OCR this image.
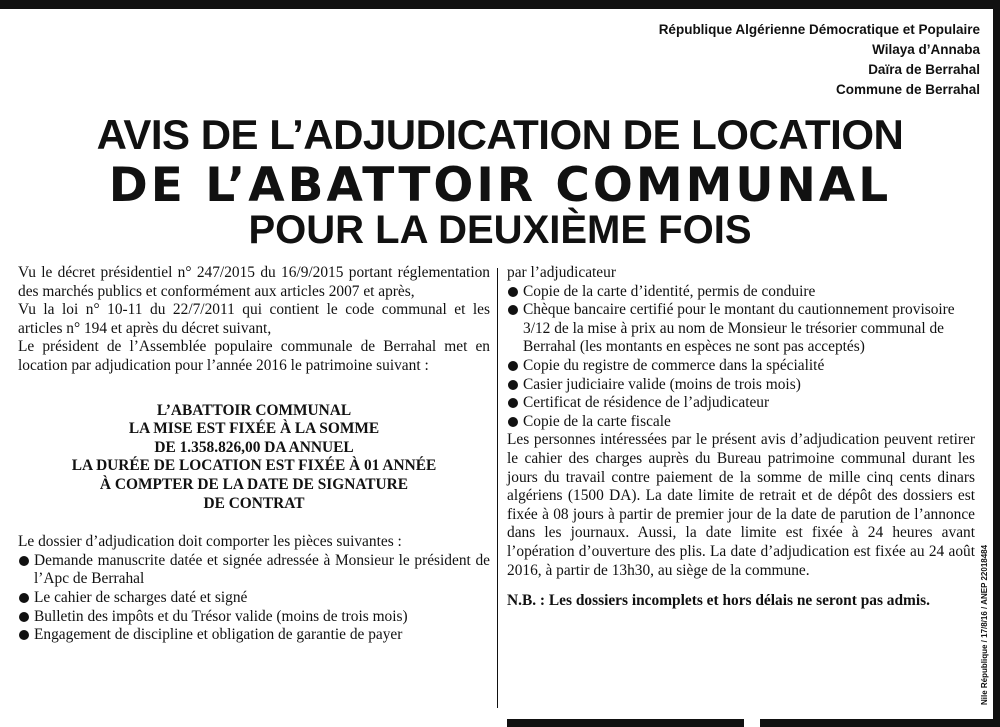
République Algérienne Démocratique et Populaire
Wilaya d’Annaba
Daïra de Berrahal
Commune de Berrahal
AVIS DE L’ADJUDICATION DE LOCATION
DE L’ABATTOIR COMMUNAL
POUR LA DEUXIÈME FOIS
Vu le décret présidentiel n° 247/2015 du 16/9/2015 portant réglementation des marchés publics et conformément aux articles 2007 et après,
Vu la loi n° 10-11 du 22/7/2011 qui contient le code communal et les articles n° 194 et après du décret suivant,
Le président de l’Assemblée populaire communale de Berrahal met en location par adjudication pour l’année 2016 le patrimoine suivant :
L’ABATTOIR COMMUNAL
LA MISE EST FIXÉE À LA SOMME
DE 1.358.826,00 DA ANNUEL
LA DURÉE DE LOCATION EST FIXÉE À 01 ANNÉE
À COMPTER DE LA DATE DE SIGNATURE
DE CONTRAT
Le dossier d’adjudication doit comporter les pièces suivantes :
Demande manuscrite datée et signée adressée à Monsieur le président de l’Apc de Berrahal
Le cahier de scharges daté et signé
Bulletin des impôts et du Trésor valide (moins de trois mois)
Engagement de discipline et obligation de garantie de payer
par l’adjudicateur
Copie de la carte d’identité, permis de conduire
Chèque bancaire certifié pour le montant du cautionnement provisoire 3/12 de la mise à prix au nom de Monsieur le trésorier communal de Berrahal (les montants en espèces ne sont pas acceptés)
Copie du registre de commerce dans la spécialité
Casier judiciaire valide (moins de trois mois)
Certificat de résidence de l’adjudicateur
Copie de la carte fiscale
Les personnes intéressées par le présent avis d’adjudication peuvent retirer le cahier des charges auprès du Bureau patrimoine communal durant les jours du travail contre paiement de la somme de mille cinq cents dinars algériens (1500 DA). La date limite de retrait et de dépôt des dossiers est fixée à 08 jours à partir de premier jour de la date de parution de l’annonce dans les journaux. Aussi, la date limite est fixée à 24 heures avant l’opération d’ouverture des plis. La date d’adjudication est fixée au 24 août 2016, à partir de 13h30, au siège de la commune.
N.B. : Les dossiers incomplets et hors délais ne seront pas admis.	Nile République / 17/8/16 / ANEP 22018484
